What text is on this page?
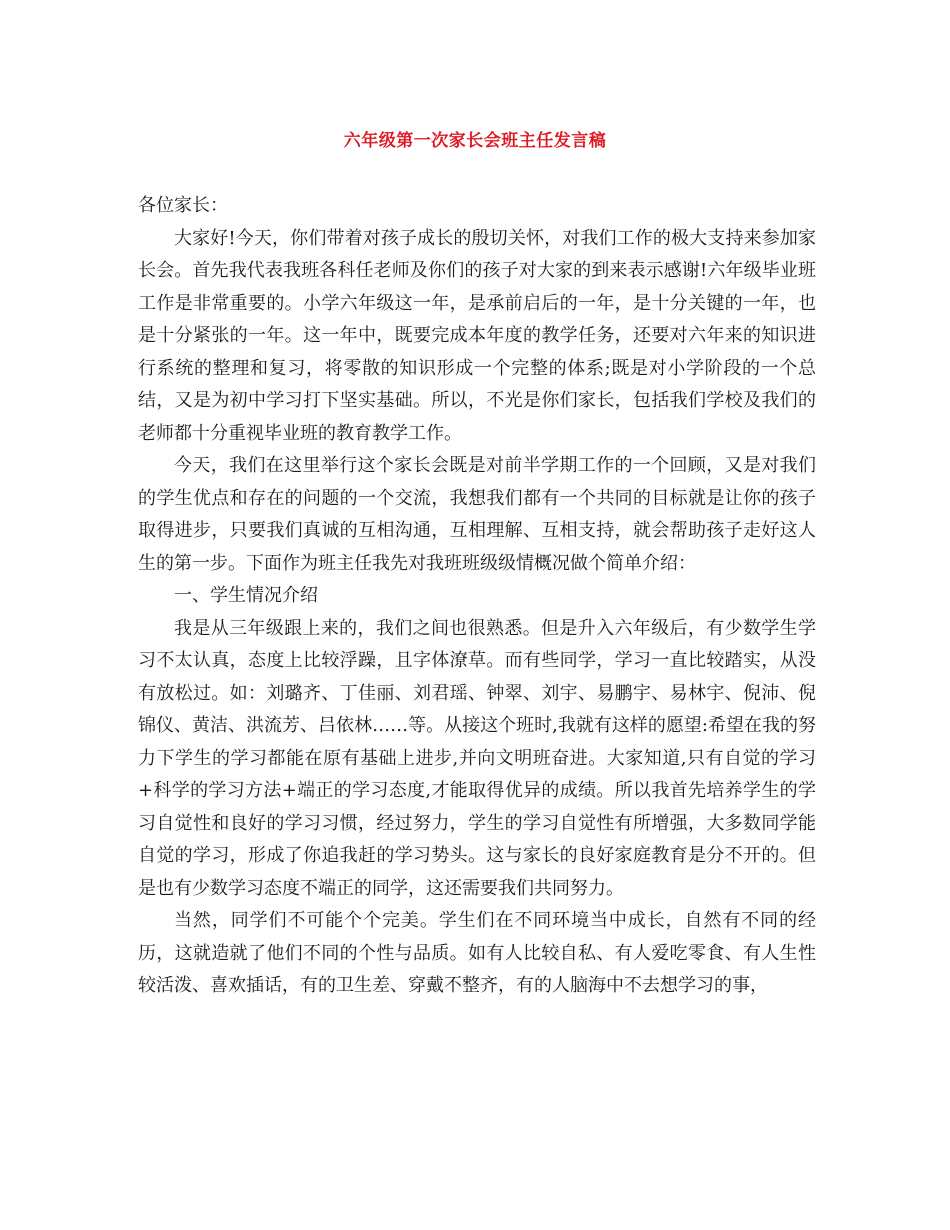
六年级第一次家长会班主任发言稿

各位家长：

大家好!今天，你们带着对孩子成长的殷切关怀，对我们工作的极大支持来参加家长会。首先我代表我班各科任老师及你们的孩子对大家的到来表示感谢!六年级毕业班工作是非常重要的。小学六年级这一年，是承前启后的一年，是十分关键的一年，也是十分紧张的一年。这一年中，既要完成本年度的教学任务，还要对六年来的知识进行系统的整理和复习，将零散的知识形成一个完整的体系;既是对小学阶段的一个总结，又是为初中学习打下坚实基础。所以，不光是你们家长，包括我们学校及我们的老师都十分重视毕业班的教育教学工作。

今天，我们在这里举行这个家长会既是对前半学期工作的一个回顾，又是对我们的学生优点和存在的问题的一个交流，我想我们都有一个共同的目标就是让你的孩子取得进步，只要我们真诚的互相沟通，互相理解、互相支持，就会帮助孩子走好这人生的第一步。下面作为班主任我先对我班班级级情概况做个简单介绍：

一、学生情况介绍

我是从三年级跟上来的，我们之间也很熟悉。但是升入六年级后，有少数学生学习不太认真，态度上比较浮躁，且字体潦草。而有些同学，学习一直比较踏实，从没有放松过。如：刘璐齐、丁佳丽、刘君瑶、钟翠、刘宇、易鹏宇、易林宇、倪沛、倪锦仪、黄洁、洪流芳、吕依林……等。从接这个班时,我就有这样的愿望:希望在我的努力下学生的学习都能在原有基础上进步,并向文明班奋进。大家知道,只有自觉的学习+科学的学习方法+端正的学习态度,才能取得优异的成绩。所以我首先培养学生的学习自觉性和良好的学习习惯，经过努力，学生的学习自觉性有所增强，大多数同学能自觉的学习，形成了你追我赶的学习势头。这与家长的良好家庭教育是分不开的。但是也有少数学习态度不端正的同学，这还需要我们共同努力。

当然，同学们不可能个个完美。学生们在不同环境当中成长，自然有不同的经历，这就造就了他们不同的个性与品质。如有人比较自私、有人爱吃零食、有人生性较活泼、喜欢插话，有的卫生差、穿戴不整齐，有的人脑海中不去想学习的事，
